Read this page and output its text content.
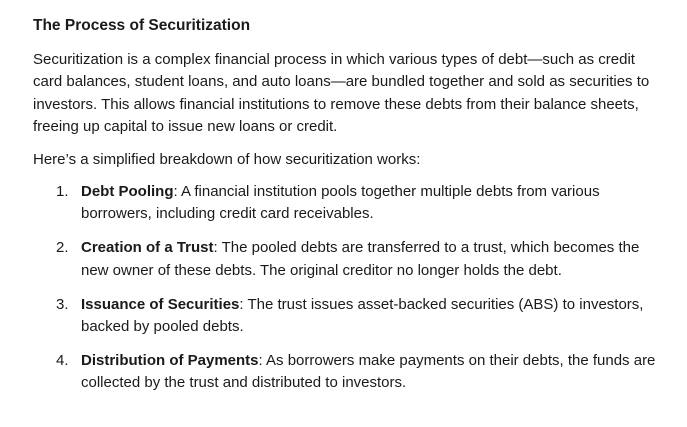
The Process of Securitization

Securitization is a complex financial process in which various types of debt—such as credit card balances, student loans, and auto loans—are bundled together and sold as securities to investors. This allows financial institutions to remove these debts from their balance sheets, freeing up capital to issue new loans or credit.

Here’s a simplified breakdown of how securitization works:

1. Debt Pooling: A financial institution pools together multiple debts from various borrowers, including credit card receivables.
2. Creation of a Trust: The pooled debts are transferred to a trust, which becomes the new owner of these debts. The original creditor no longer holds the debt.
3. Issuance of Securities: The trust issues asset-backed securities (ABS) to investors, backed by pooled debts.
4. Distribution of Payments: As borrowers make payments on their debts, the funds are collected by the trust and distributed to investors.
